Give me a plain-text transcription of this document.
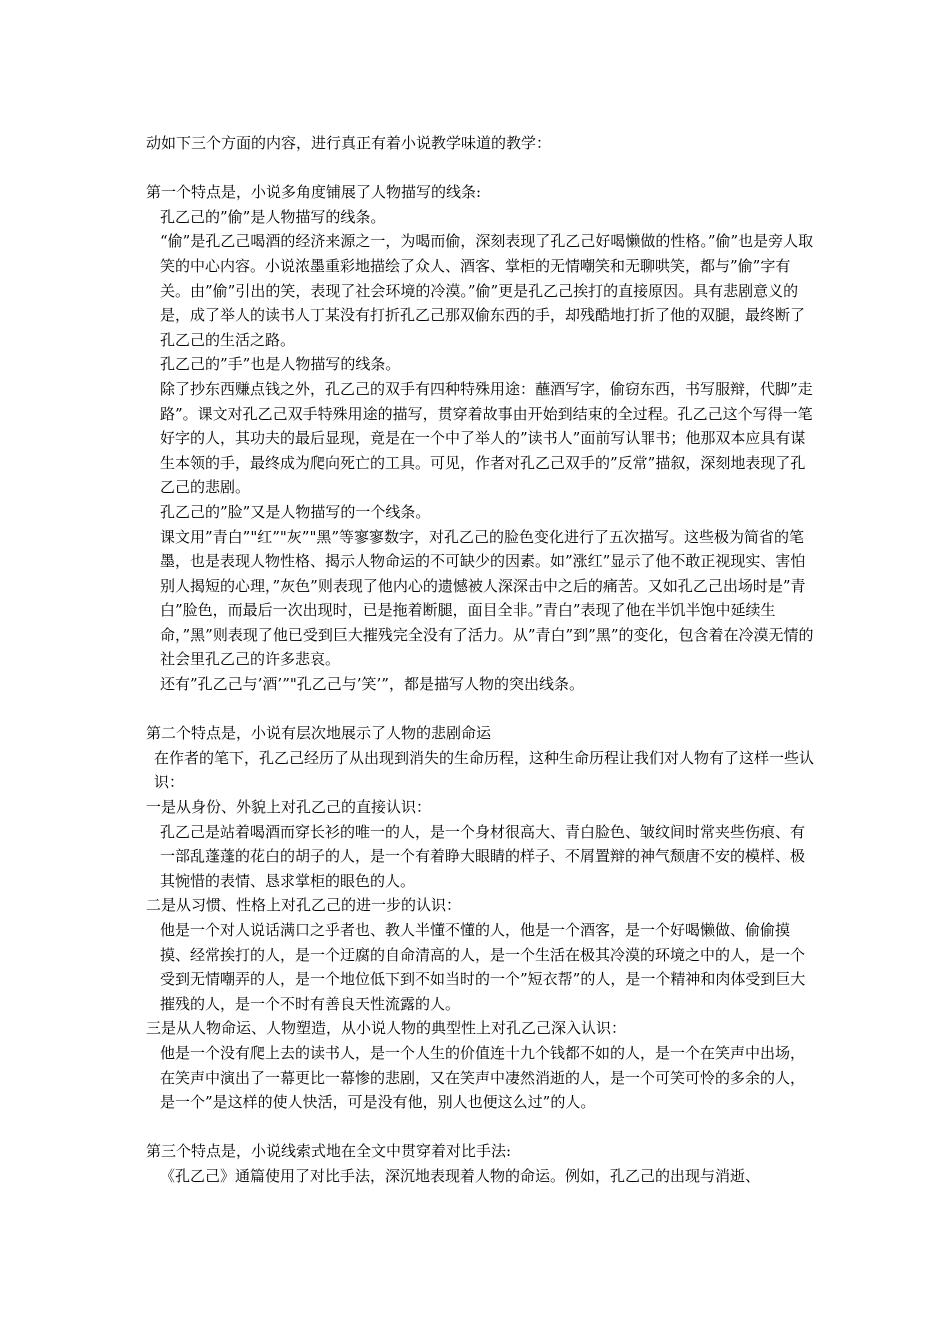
动如下三个方面的内容，进行真正有着小说教学味道的教学：
第一个特点是，小说多角度铺展了人物描写的线条:
孔乙己的”偷”是人物描写的线条。
“偷”是孔乙己喝酒的经济来源之一，为喝而偷，深刻表现了孔乙己好喝懒做的性格。”偷”也是旁人取笑的中心内容。小说浓墨重彩地描绘了众人、酒客、掌柜的无情嘲笑和无聊哄笑，都与”偷”字有关。由”偷”引出的笑，表现了社会环境的冷漠。”偷”更是孔乙己挨打的直接原因。具有悲剧意义的是，成了举人的读书人丁某没有打折孔乙己那双偷东西的手，却残酷地打折了他的双腿，最终断了孔乙己的生活之路。
孔乙己的”手”也是人物描写的线条。
除了抄东西赚点钱之外，孔乙己的双手有四种特殊用途：蘸酒写字，偷窃东西，书写服辩，代脚”走路”。课文对孔乙己双手特殊用途的描写，贯穿着故事由开始到结束的全过程。孔乙己这个写得一笔好字的人，其功夫的最后显现，竟是在一个中了举人的”读书人”面前写认罪书；他那双本应具有谋生本领的手，最终成为爬向死亡的工具。可见，作者对孔乙己双手的”反常”描叙，深刻地表现了孔乙己的悲剧。
孔乙己的”脸”又是人物描写的一个线条。
课文用”青白”"红”"灰”"黑”等寥寥数字，对孔乙己的脸色变化进行了五次描写。这些极为简省的笔墨，也是表现人物性格、揭示人物命运的不可缺少的因素。如”涨红”显示了他不敢正视现实、害怕别人揭短的心理，”灰色”则表现了他内心的遗憾被人深深击中之后的痛苦。又如孔乙己出场时是”青白”脸色，而最后一次出现时，已是拖着断腿，面目全非。”青白”表现了他在半饥半饱中延续生命，”黑”则表现了他已受到巨大摧残完全没有了活力。从”青白”到”黑”的变化，包含着在冷漠无情的社会里孔乙己的许多悲哀。
还有”孔乙己与’酒’”"孔乙己与’笑’”，都是描写人物的突出线条。
第二个特点是，小说有层次地展示了人物的悲剧命运
在作者的笔下，孔乙己经历了从出现到消失的生命历程，这种生命历程让我们对人物有了这样一些认识：
一是从身份、外貌上对孔乙己的直接认识：
孔乙己是站着喝酒而穿长衫的唯一的人，是一个身材很高大、青白脸色、皱纹间时常夹些伤痕、有一部乱蓬蓬的花白的胡子的人，是一个有着睁大眼睛的样子、不屑置辩的神气颓唐不安的模样、极其惋惜的表情、恳求掌柜的眼色的人。
二是从习惯、性格上对孔乙己的进一步的认识：
他是一个对人说话满口之乎者也、教人半懂不懂的人，他是一个酒客，是一个好喝懒做、偷偷摸摸、经常挨打的人，是一个迂腐的自命清高的人，是一个生活在极其冷漠的环境之中的人，是一个受到无情嘲弄的人，是一个地位低下到不如当时的一个”短衣帮”的人，是一个精神和肉体受到巨大摧残的人，是一个不时有善良天性流露的人。
三是从人物命运、人物塑造，从小说人物的典型性上对孔乙己深入认识：
他是一个没有爬上去的读书人，是一个人生的价值连十九个钱都不如的人，是一个在笑声中出场，在笑声中演出了一幕更比一幕惨的悲剧，又在笑声中凄然消逝的人，是一个可笑可怜的多余的人，是一个”是这样的使人快活，可是没有他，别人也便这么过”的人。
第三个特点是，小说线索式地在全文中贯穿着对比手法:
《孔乙己》通篇使用了对比手法，深沉地表现着人物的命运。例如，孔乙己的出现与消逝、
